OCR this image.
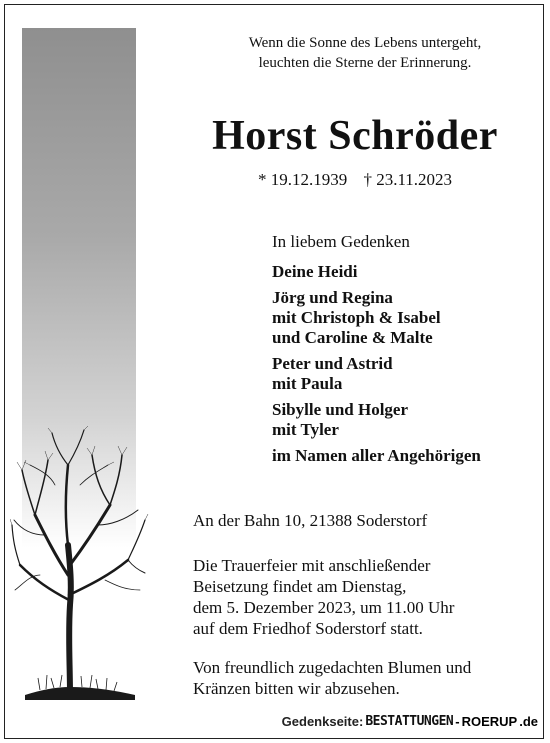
Wenn die Sonne des Lebens untergeht,
leuchten die Sterne der Erinnerung.
Horst Schröder
* 19.12.1939 † 23.11.2023
In liebem Gedenken
Deine Heidi
Jörg und Regina
mit Christoph & Isabel
und Caroline & Malte
Peter und Astrid
mit Paula
Sibylle und Holger
mit Tyler
im Namen aller Angehörigen
An der Bahn 10, 21388 Soderstorf
Die Trauerfeier mit anschließender
Beisetzung findet am Dienstag,
dem 5. Dezember 2023, um 11.00 Uhr
auf dem Friedhof Soderstorf statt.
Von freundlich zugedachten Blumen und
Kränzen bitten wir abzusehen.
Gedenkseite: BESTATTUNGEN - ROERUP .de
